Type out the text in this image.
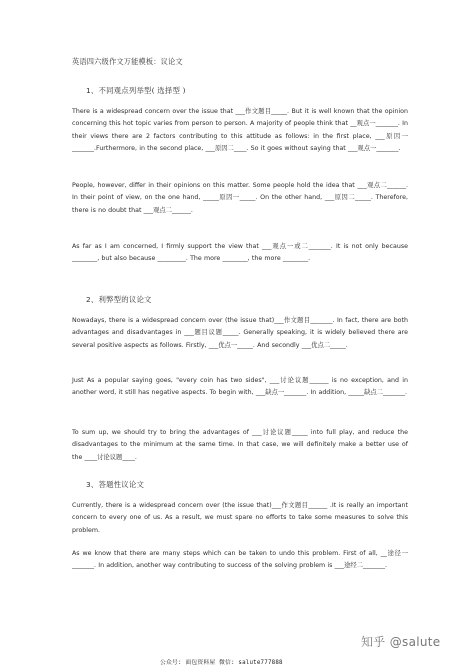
英语四六级作文万能模板：议论文
1、不同观点列举型( 选择型 )
There is a widespread concern over the issue that ___作文题目_____. But it is well known that the opinion concerning this hot topic varies from person to person. A majority of people think that __观点一_______. In their views there are 2 factors contributing to this attitude as follows: in the first place, ___原因一_______.Furthermore, in the second place, ___原因二____. So it goes without saying that ___观点一_______.
People, however, differ in their opinions on this matter. Some people hold the idea that ___观点二______. In their point of view, on the one hand, _____原因一_____. On the other hand, ___原因二_____. Therefore, there is no doubt that ___观点二______.
As far as I am concerned, I firmly support the view that ___观点一或二_______. It is not only because ________, but also because _________. The more ________, the more ________.
2、利弊型的议论文
Nowadays, there is a widespread concern over (the issue that)___作文题目_______. In fact, there are both advantages and disadvantages in ___题目议题_____. Generally speaking, it is widely believed there are several positive aspects as follows. Firstly, ___优点一_____. And secondly ___优点二_____.
Just As a popular saying goes, "every coin has two sides", ___讨论议题______ is no exception, and in another word, it still has negative aspects. To begin with, ___缺点一_______. In addition, _____缺点二_______.
To sum up, we should try to bring the advantages of ___讨论议题_____ into full play, and reduce the disadvantages to the minimum at the same time. In that case, we will definitely make a better use of the ____讨论议题____.
3、答题性议论文
Currently, there is a widespread concern over (the issue that)___作文题目______ .It is really an important concern to every one of us. As a result, we must spare no efforts to take some measures to solve this problem.
As we know that there are many steps which can be taken to undo this problem. First of all, __途径一_______. In addition, another way contributing to success of the solving problem is ___途经二_______.
知乎 @salute
公众号: 面包资料屋 微信: salute777888
